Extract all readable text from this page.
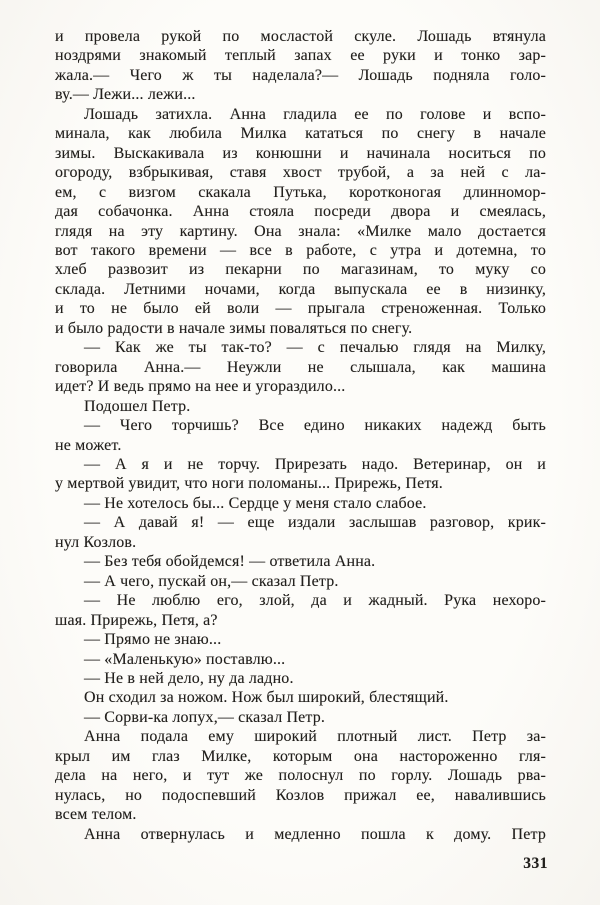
и провела рукой по мосластой скуле. Лошадь втянула
ноздрями знакомый теплый запах ее руки и тонко зар-
жала.— Чего ж ты наделала?— Лошадь подняла голо-
ву.— Лежи... лежи...
Лошадь затихла. Анна гладила ее по голове и вспо-
минала, как любила Милка кататься по снегу в начале
зимы. Выскакивала из конюшни и начинала носиться по
огороду, взбрыкивая, ставя хвост трубой, а за ней с ла-
ем, с визгом скакала Путька, коротконогая длинномор-
дая собачонка. Анна стояла посреди двора и смеялась,
глядя на эту картину. Она знала: «Милке мало достается
вот такого времени — все в работе, с утра и дотемна, то
хлеб развозит из пекарни по магазинам, то муку со
склада. Летними ночами, когда выпускала ее в низинку,
и то не было ей воли — прыгала стреноженная. Только
и было радости в начале зимы поваляться по снегу.
— Как же ты так-то? — с печалью глядя на Милку,
говорила Анна.— Неужли не слышала, как машина
идет? И ведь прямо на нее и угораздило...
Подошел Петр.
— Чего торчишь? Все едино никаких надежд быть
не может.
— А я и не торчу. Прирезать надо. Ветеринар, он и
у мертвой увидит, что ноги поломаны... Прирежь, Петя.
— Не хотелось бы... Сердце у меня стало слабое.
— А давай я! — еще издали заслышав разговор, крик-
нул Козлов.
— Без тебя обойдемся! — ответила Анна.
— А чего, пускай он,— сказал Петр.
— Не люблю его, злой, да и жадный. Рука нехоро-
шая. Прирежь, Петя, а?
— Прямо не знаю...
— «Маленькую» поставлю...
— Не в ней дело, ну да ладно.
Он сходил за ножом. Нож был широкий, блестящий.
— Сорви-ка лопух,— сказал Петр.
Анна подала ему широкий плотный лист. Петр за-
крыл им глаз Милке, которым она настороженно гля-
дела на него, и тут же полоснул по горлу. Лошадь рва-
нулась, но подоспевший Козлов прижал ее, навалившись
всем телом.
Анна отвернулась и медленно пошла к дому. Петр
331
